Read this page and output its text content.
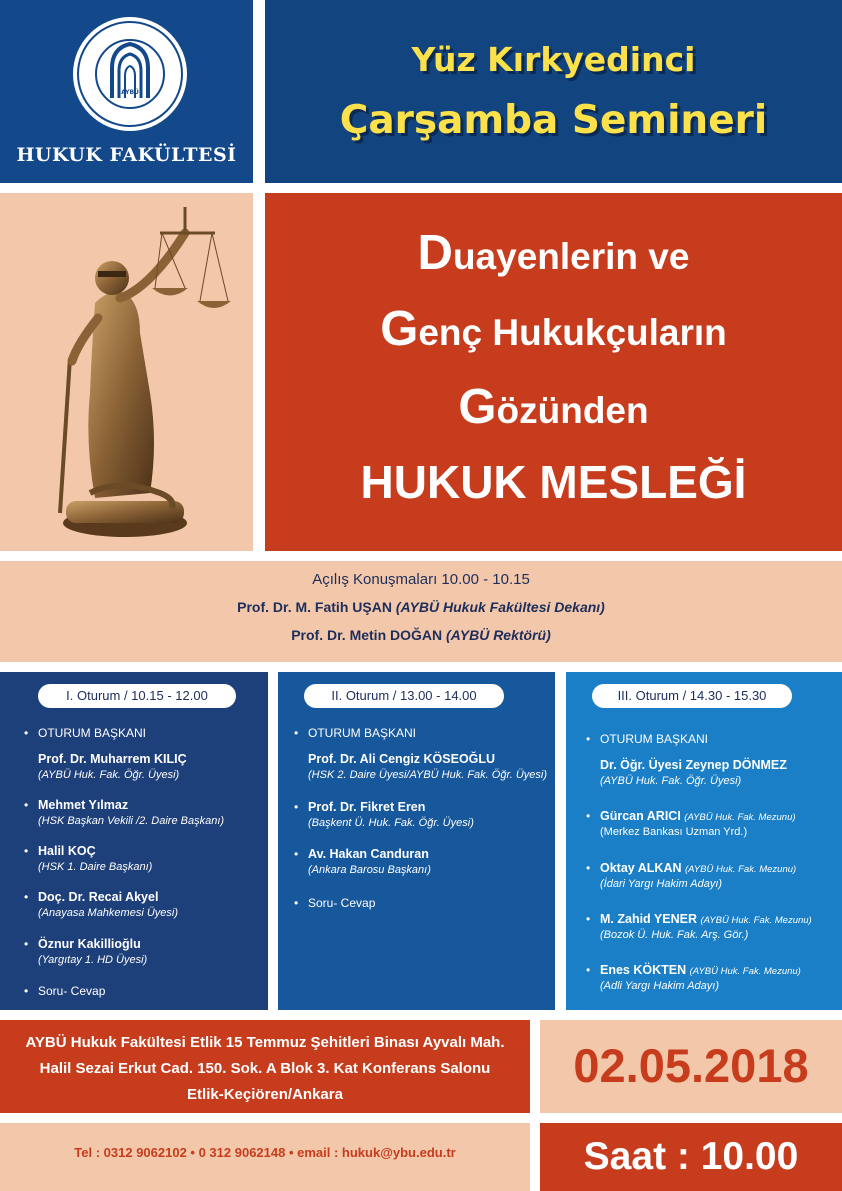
AYBÜ
HUKUK FAKÜLTESİ
Yüz Kırkyedinci
Çarşamba Semineri
Duayenlerin ve
Genç Hukukçuların
Gözünden
HUKUK MESLEĞİ
Açılış Konuşmaları 10.00 - 10.15
Prof. Dr. M. Fatih UŞAN (AYBÜ Hukuk Fakültesi Dekanı)
Prof. Dr. Metin DOĞAN (AYBÜ Rektörü)
I. Oturum / 10.15 - 12.00
• OTURUM BAŞKANI
Prof. Dr. Muharrem KILIÇ
(AYBÜ Huk. Fak. Öğr. Üyesi)
• Mehmet Yılmaz
(HSK Başkan Vekili /2. Daire Başkanı)
• Halil KOÇ
(HSK 1. Daire Başkanı)
• Doç. Dr. Recai Akyel
(Anayasa Mahkemesi Üyesi)
• Öznur Kakillioğlu
(Yargıtay 1. HD Üyesi)
• Soru- Cevap
II. Oturum / 13.00 - 14.00
• OTURUM BAŞKANI
Prof. Dr. Ali Cengiz KÖSEOĞLU
(HSK 2. Daire Üyesi/AYBÜ Huk. Fak. Öğr. Üyesi)
• Prof. Dr. Fikret Eren
(Başkent Ü. Huk. Fak. Öğr. Üyesi)
• Av. Hakan Canduran
(Ankara Barosu Başkanı)
• Soru- Cevap
III. Oturum / 14.30 - 15.30
• OTURUM BAŞKANI
Dr. Öğr. Üyesi Zeynep DÖNMEZ
(AYBÜ Huk. Fak. Öğr. Üyesi)
• Gürcan ARICI (AYBÜ Huk. Fak. Mezunu)
(Merkez Bankası Uzman Yrd.)
• Oktay ALKAN (AYBÜ Huk. Fak. Mezunu)
(İdari Yargı Hakim Adayı)
• M. Zahid YENER (AYBÜ Huk. Fak. Mezunu)
(Bozok Ü. Huk. Fak. Arş. Gör.)
• Enes KÖKTEN (AYBÜ Huk. Fak. Mezunu)
(Adli Yargı Hakim Adayı)
AYBÜ Hukuk Fakültesi Etlik 15 Temmuz Şehitleri Binası Ayvalı Mah.
Halil Sezai Erkut Cad. 150. Sok. A Blok 3. Kat Konferans Salonu
Etlik-Keçiören/Ankara
02.05.2018
Tel : 0312 9062102 • 0 312 9062148 • email : hukuk@ybu.edu.tr	Saat : 10.00
